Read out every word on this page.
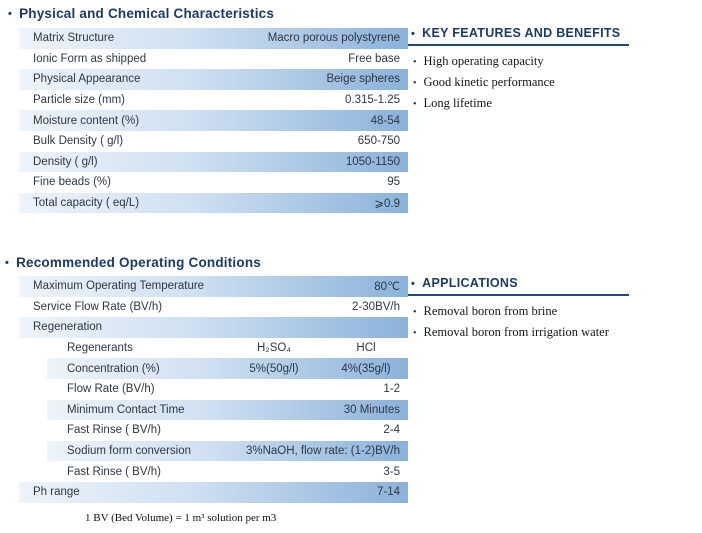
• Physical and Chemical Characteristics
Matrix Structure	Macro porous polystyrene
Ionic Form as shipped	Free base
Physical Appearance	Beige spheres
Particle size (mm)	0.315-1.25
Moisture content (%)	48-54
Bulk Density ( g/l)	650-750
Density ( g/l)	1050-1150
Fine beads (%)	95
Total capacity ( eq/L)	⩾0.9
• Recommended Operating Conditions
Maximum Operating Temperature	80℃
Service Flow Rate (BV/h)	2-30BV/h
Regeneration
Regenerants	H₂SO₄	HCl
Concentration (%)	5%(50g/l)	4%(35g/l)
Flow Rate (BV/h)	1-2
Minimum Contact Time	30 Minutes
Fast Rinse ( BV/h)	2-4
Sodium form conversion	3%NaOH, flow rate: (1-2)BV/h
Fast Rinse ( BV/h)	3-5
Ph range	7-14
• KEY FEATURES AND BENEFITS
• High operating capacity
• Good kinetic performance
• Long lifetime
• APPLICATIONS
• Removal boron from brine
• Removal boron from irrigation water
1 BV (Bed Volume) = 1 m³ solution per m3
